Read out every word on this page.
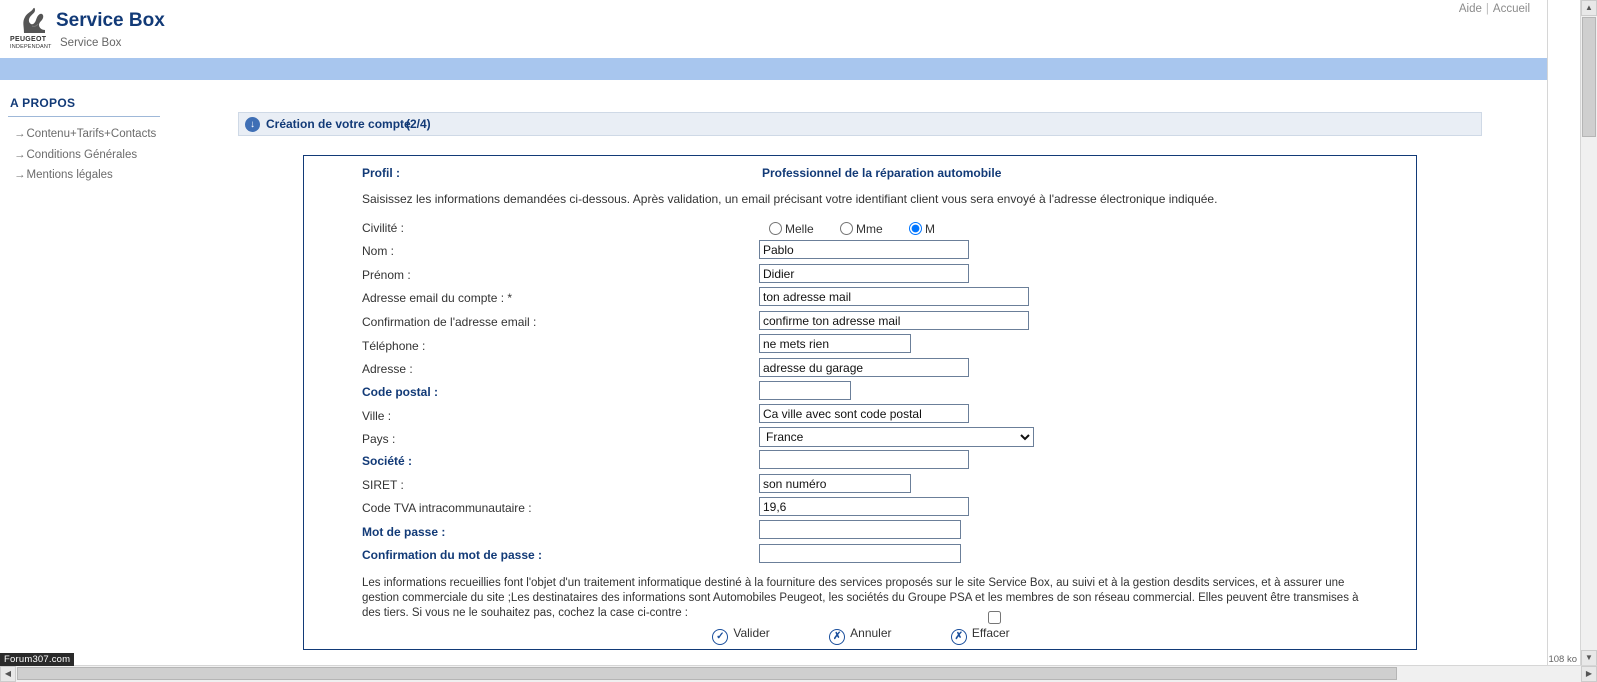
PEUGEOT
INDEPENDANT
Service Box
Service Box
Aide | Accueil
A PROPOS
→Contenu+Tarifs+Contacts
→Conditions Générales
→Mentions légales
↓ Création de votre compte
(2/4)
Profil :	Professionnel de la réparation automobile
Saisissez les informations demandées ci-dessous. Après validation, un email précisant votre identifiant client vous sera envoyé à l'adresse électronique indiquée.
Civilité :	Melle	Mme	M
Nom :
Pablo
Prénom :
Didier
Adresse email du compte : *
ton adresse mail
Confirmation de l'adresse email :
confirme ton adresse mail
Téléphone :
ne mets rien
Adresse :
adresse du garage
Code postal :
Ville :
Ca ville avec sont code postal
Pays :
France
Société :
SIRET :
son numéro
Code TVA intracommunautaire :
19,6
Mot de passe :
Confirmation du mot de passe :
Les informations recueillies font l'objet d'un traitement informatique destiné à la fourniture des services proposés sur le site Service Box, au suivi et à la gestion desdits services, et à assurer une gestion commerciale du site ;Les destinataires des informations sont Automobiles Peugeot, les sociétés du Groupe PSA et les membres de son réseau commercial. Elles peuvent être transmises à des tiers. Si vous ne le souhaitez pas, cochez la case ci-contre :
✓ Valider	✗ Annuler	✗ Effacer
▲
▼
◀	▶
Forum307.com	108 ko
